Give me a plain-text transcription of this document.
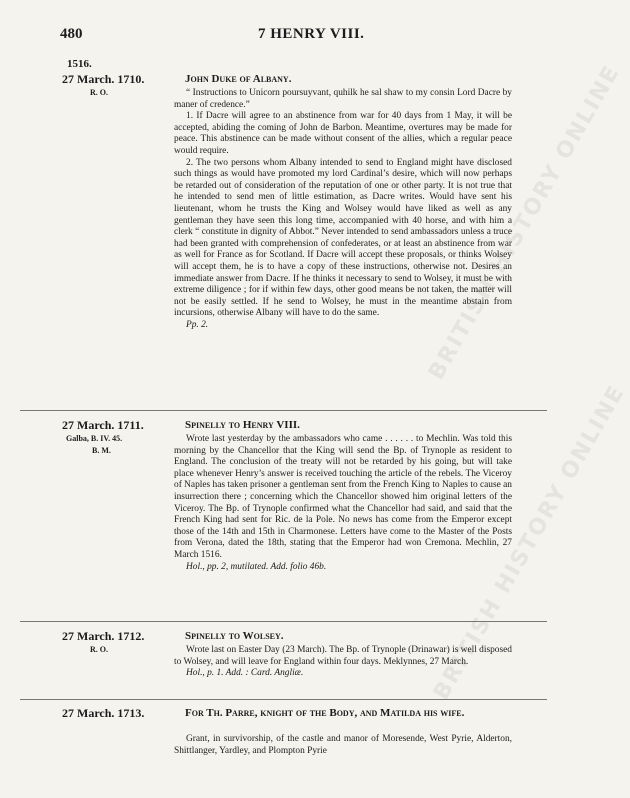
BRITISH HISTORY ONLINE
BRITISH HISTORY ONLINE
480	7 HENRY VIII.
1516.
27 March. 1710.
R. O.
John Duke of Albany.

“ Instructions to Unicorn poursuyvant, quhilk he sal shaw to my consin Lord Dacre by maner of credence.”

1. If Dacre will agree to an abstinence from war for 40 days from 1 May, it will be accepted, abiding the coming of John de Barbon. Meantime, overtures may be made for peace. This abstinence can be made without consent of the allies, which a regular peace would require.

2. The two persons whom Albany intended to send to England might have disclosed such things as would have promoted my lord Cardinal’s desire, which will now perhaps be retarded out of consideration of the reputation of one or other party. It is not true that he intended to send men of little estimation, as Dacre writes. Would have sent his lieutenant, whom he trusts the King and Wolsey would have liked as well as any gentleman they have seen this long time, accompanied with 40 horse, and with him a clerk “ constitute in dignity of Abbot.” Never intended to send ambassadors unless a truce had been granted with comprehension of confederates, or at least an abstinence from war as well for France as for Scotland. If Dacre will accept these proposals, or thinks Wolsey will accept them, he is to have a copy of these instructions, otherwise not. Desires an immediate answer from Dacre. If he thinks it necessary to send to Wolsey, it must be with extreme diligence ; for if within few days, other good means be not taken, the matter will not be easily settled. If he send to Wolsey, he must in the meantime abstain from incursions, otherwise Albany will have to do the same.

Pp. 2.

27 March. 1711.
Galba, B. IV. 45.
B. M.
Spinelly to Henry VIII.

Wrote last yesterday by the ambassadors who came . . . . . . to Mechlin. Was told this morning by the Chancellor that the King will send the Bp. of Trynople as resident to England. The conclusion of the treaty will not be retarded by his going, but will take place whenever Henry’s answer is received touching the article of the rebels. The Viceroy of Naples has taken prisoner a gentleman sent from the French King to Naples to cause an insurrection there ; concerning which the Chancellor showed him original letters of the Viceroy. The Bp. of Trynople confirmed what the Chancellor had said, and said that the French King had sent for Ric. de la Pole. No news has come from the Emperor except those of the 14th and 15th in Charmonese. Letters have come to the Master of the Posts from Verona, dated the 18th, stating that the Emperor had won Cremona. Mechlin, 27 March 1516.

Hol., pp. 2, mutilated. Add. folio 46b.

27 March. 1712.
R. O.
Spinelly to Wolsey.

Wrote last on Easter Day (23 March). The Bp. of Trynople (Drinawar) is well disposed to Wolsey, and will leave for England within four days. Meklynnes, 27 March.

Hol., p. 1. Add. : Card. Angliæ.

27 March. 1713.	For Th. Parre, knight of the Body, and Matilda his wife.

Grant, in survivorship, of the castle and manor of Moresende, West Pyrie, Alderton, Shittlanger, Yardley, and Plompton Pyrie
